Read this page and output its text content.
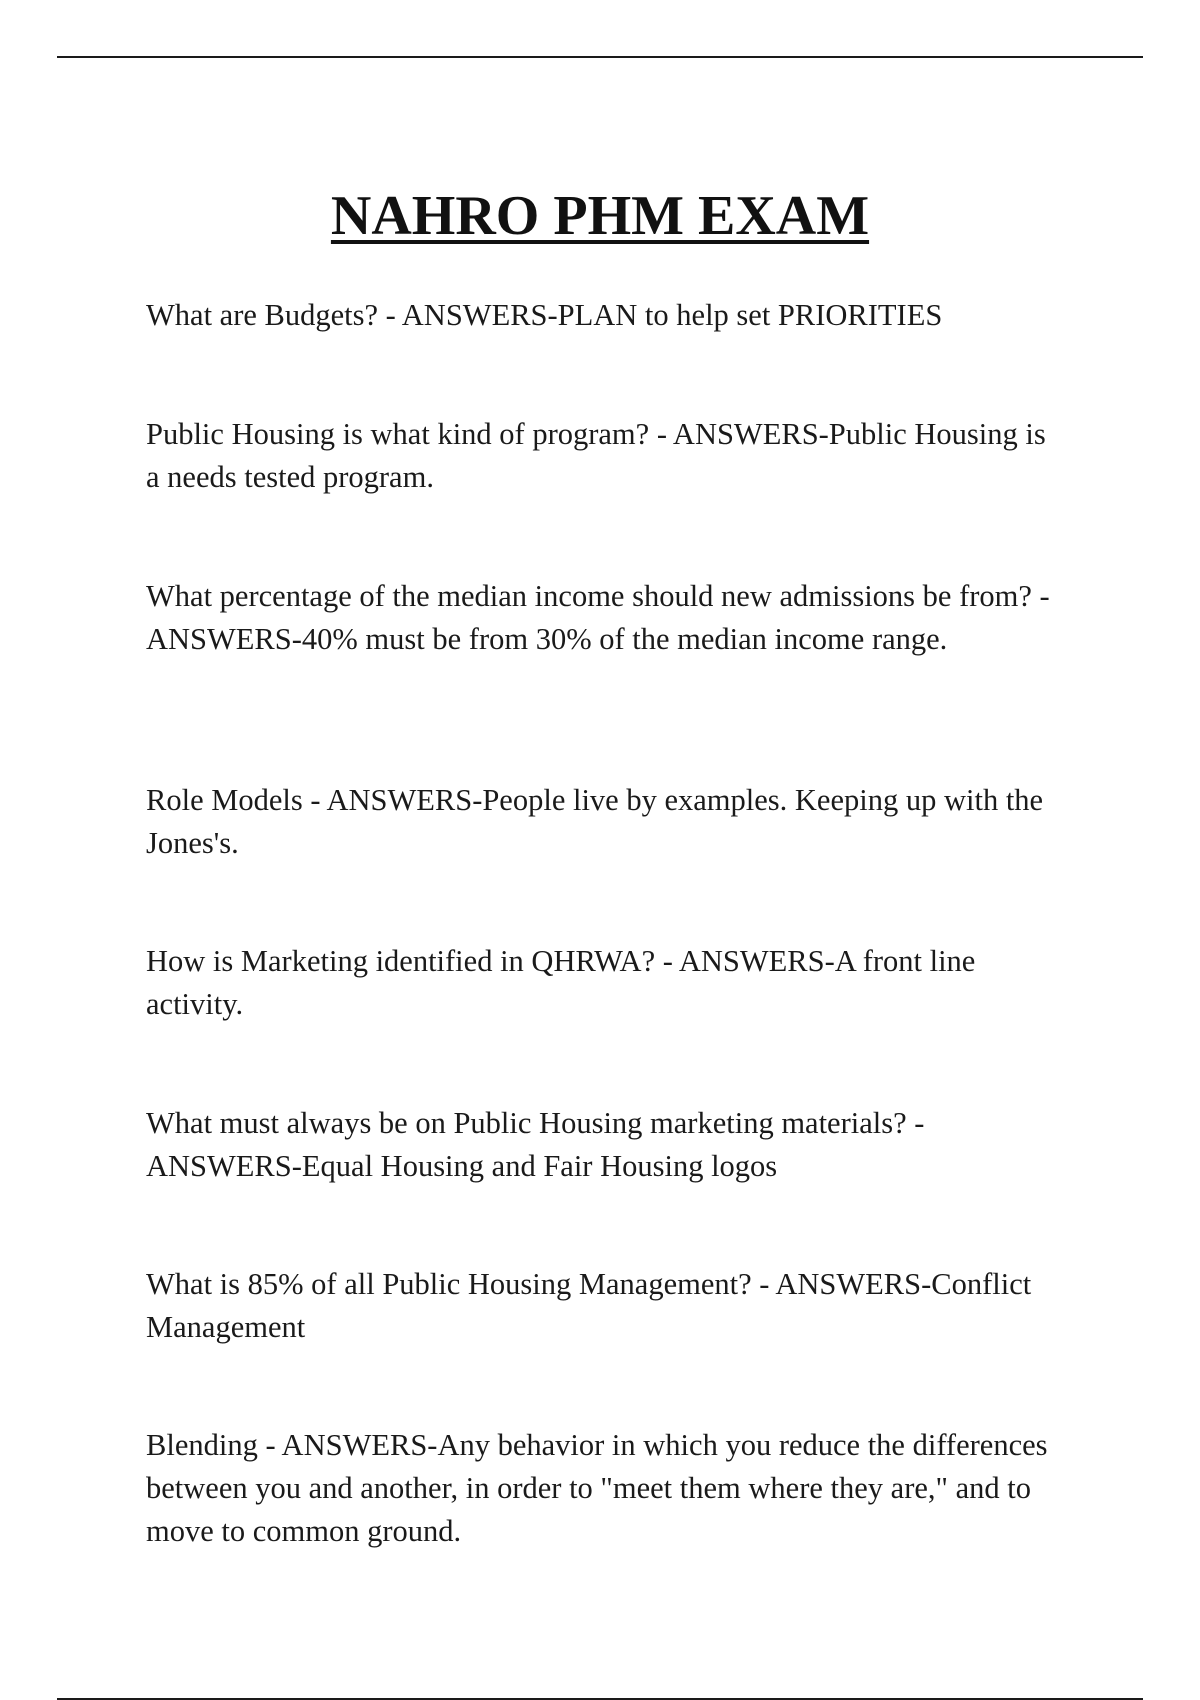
NAHRO PHM EXAM

What are Budgets? - ANSWERS-PLAN to help set PRIORITIES

Public Housing is what kind of program? - ANSWERS-Public Housing is a needs tested program.

What percentage of the median income should new admissions be from? - ANSWERS-40% must be from 30% of the median income range.

Role Models - ANSWERS-People live by examples. Keeping up with the Jones's.

How is Marketing identified in QHRWA? - ANSWERS-A front line activity.

What must always be on Public Housing marketing materials? - ANSWERS-Equal Housing and Fair Housing logos

What is 85% of all Public Housing Management? - ANSWERS-Conflict Management

Blending - ANSWERS-Any behavior in which you reduce the differences between you and another, in order to "meet them where they are," and to move to common ground.
